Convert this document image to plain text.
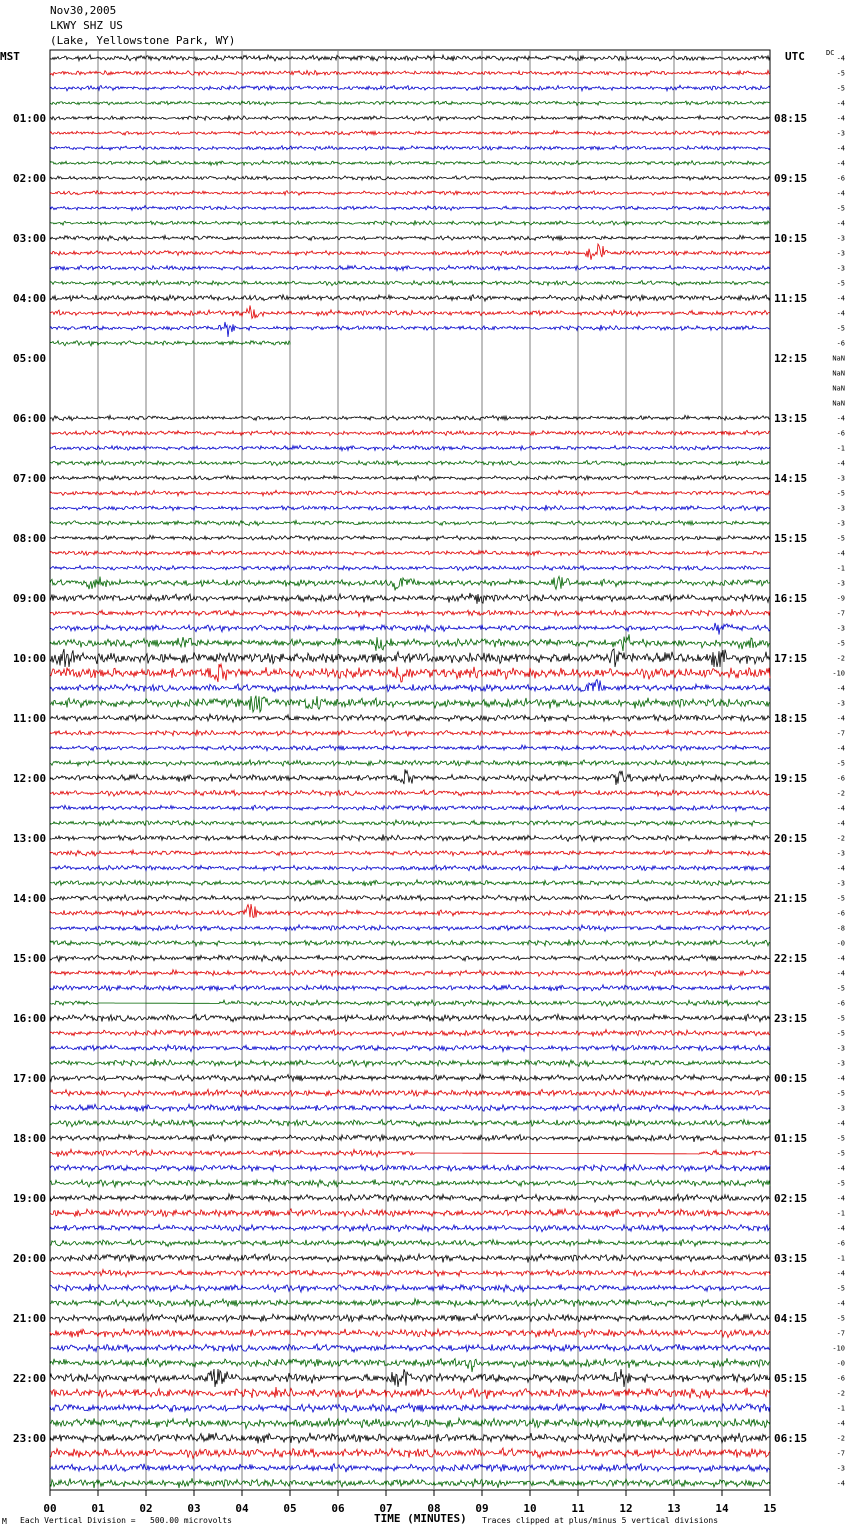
Nov30,2005
LKWY SHZ US
(Lake, Yellowstone Park, WY)
MST	UTC	DC
00	01	02	03	04	05	06	07	08	09	10	11	12	13	14	15
-4
-5
-5
-4
-4
-3
-4
-4
-6
-4
-5
-4
-3
-3
-3
-5
-4
-4
-5
-6
NaN
NaN
NaN
NaN
-4
-6
-1
-4
-3
-5
-3
-3
-5
-4
-1
-3
-9
-7
-3
-5
-2
-10
-4
-3
-4
-7
-4
-5
-6
-2
-4
-4
-2
-3
-4
-3
-5
-6
-8
-0
-4
-4
-5
-6
-5
-5
-3
-3
-4
-5
-3
-4
-5
-5
-4
-5
-4
-1
-4
-6
-1
-4
-5
-4
-5
-7
-10
-0
-6
-2
-1
-4
-2
-7
-3
-4
01:00	08:15
02:00	09:15
03:00	10:15
04:00	11:15
05:00	12:15
06:00	13:15
07:00	14:15
08:00	15:15
09:00	16:15
10:00	17:15
11:00	18:15
12:00	19:15
13:00	20:15
14:00	21:15
15:00	22:15
16:00	23:15
17:00	00:15
18:00	01:15
19:00	02:15
20:00	03:15
21:00	04:15
22:00	05:15
23:00	06:15
TIME (MINUTES)
M Each Vertical Division =   500.00 microvolts	Traces clipped at plus/minus 5 vertical divisions
